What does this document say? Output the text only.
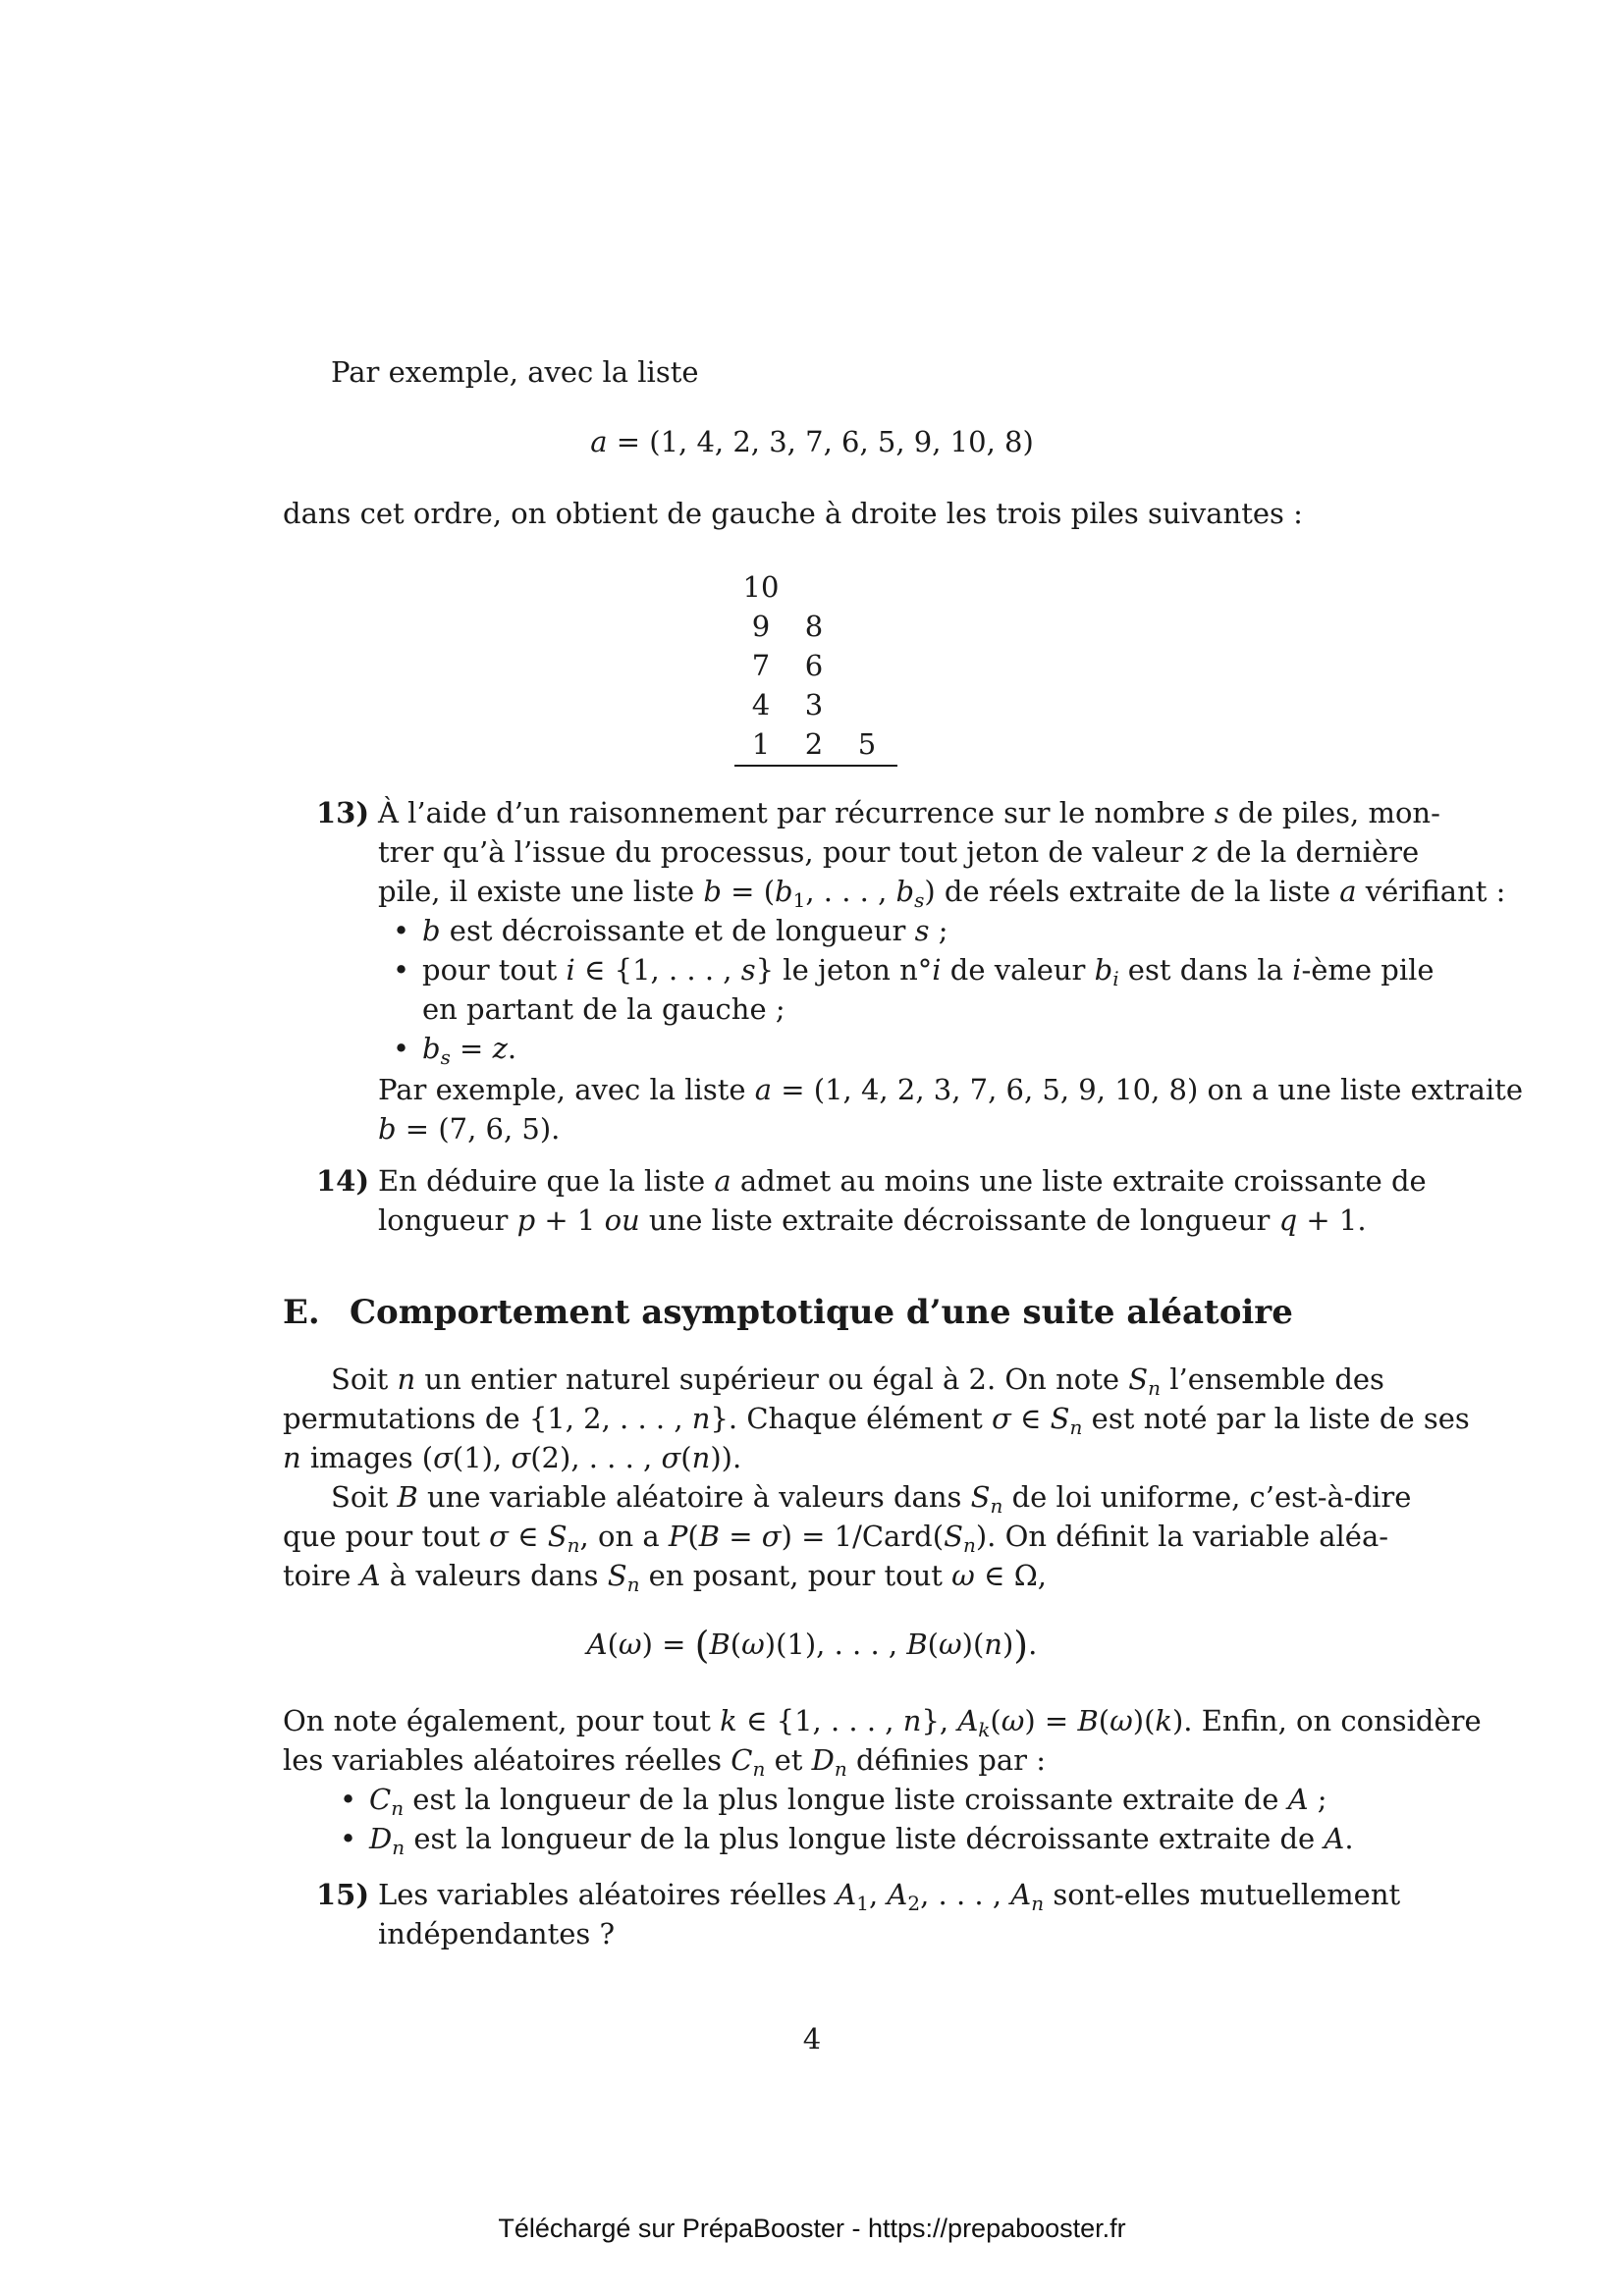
Par exemple, avec la liste
a = (1, 4, 2, 3, 7, 6, 5, 9, 10, 8)
dans cet ordre, on obtient de gauche à droite les trois piles suivantes :
10		
9	8	
7	6	
4	3	
1	2	5
13) À l’aide d’un raisonnement par récurrence sur le nombre s de piles, mon-
trer qu’à l’issue du processus, pour tout jeton de valeur z de la dernière
pile, il existe une liste $b = (b_1$, . . . , $b_s$) de réels extraite de la liste a vérifiant :
• b est décroissante et de longueur s ;
• pour tout i ∈ {1, . . . , s} le jeton n°i de valeur $b_i$ est dans la i-ème pile
en partant de la gauche ;
• $b_s = z$.
Par exemple, avec la liste a = (1, 4, 2, 3, 7, 6, 5, 9, 10, 8) on a une liste extraite
b = (7, 6, 5).
14) En déduire que la liste a admet au moins une liste extraite croissante de
longueur p + 1 ou une liste extraite décroissante de longueur q + 1.
E. Comportement asymptotique d’une suite aléatoire
Soit n un entier naturel supérieur ou égal à 2. On note $S_n$ l’ensemble des
permutations de {1, 2, . . . , n}. Chaque élément σ ∈ $S_n$ est noté par la liste de ses
n images (σ(1), σ(2), . . . , σ(n)).
Soit B une variable aléatoire à valeurs dans $S_n$ de loi uniforme, c’est-à-dire
que pour tout σ ∈ $S_n$, on a $P(B = \sigma) = 1/Card(S_n)$. On définit la variable aléa-
toire A à valeurs dans $S_n$ en posant, pour tout ω ∈ Ω,
A(ω) = (B(ω)(1), . . . , B(ω)(n)).
On note également, pour tout k ∈ {1, . . . , n}, $A_k(\omega) = B(\omega)(k)$. Enfin, on considère
les variables aléatoires réelles $C_n$ et $D_n$ définies par :
• $C_n$ est la longueur de la plus longue liste croissante extraite de A ;
• $D_n$ est la longueur de la plus longue liste décroissante extraite de A.
15) Les variables aléatoires réelles $A_1$, $A_2$, . . . , $A_n$ sont-elles mutuellement
indépendantes ?
4
Téléchargé sur PrépaBooster - https://prepabooster.fr
